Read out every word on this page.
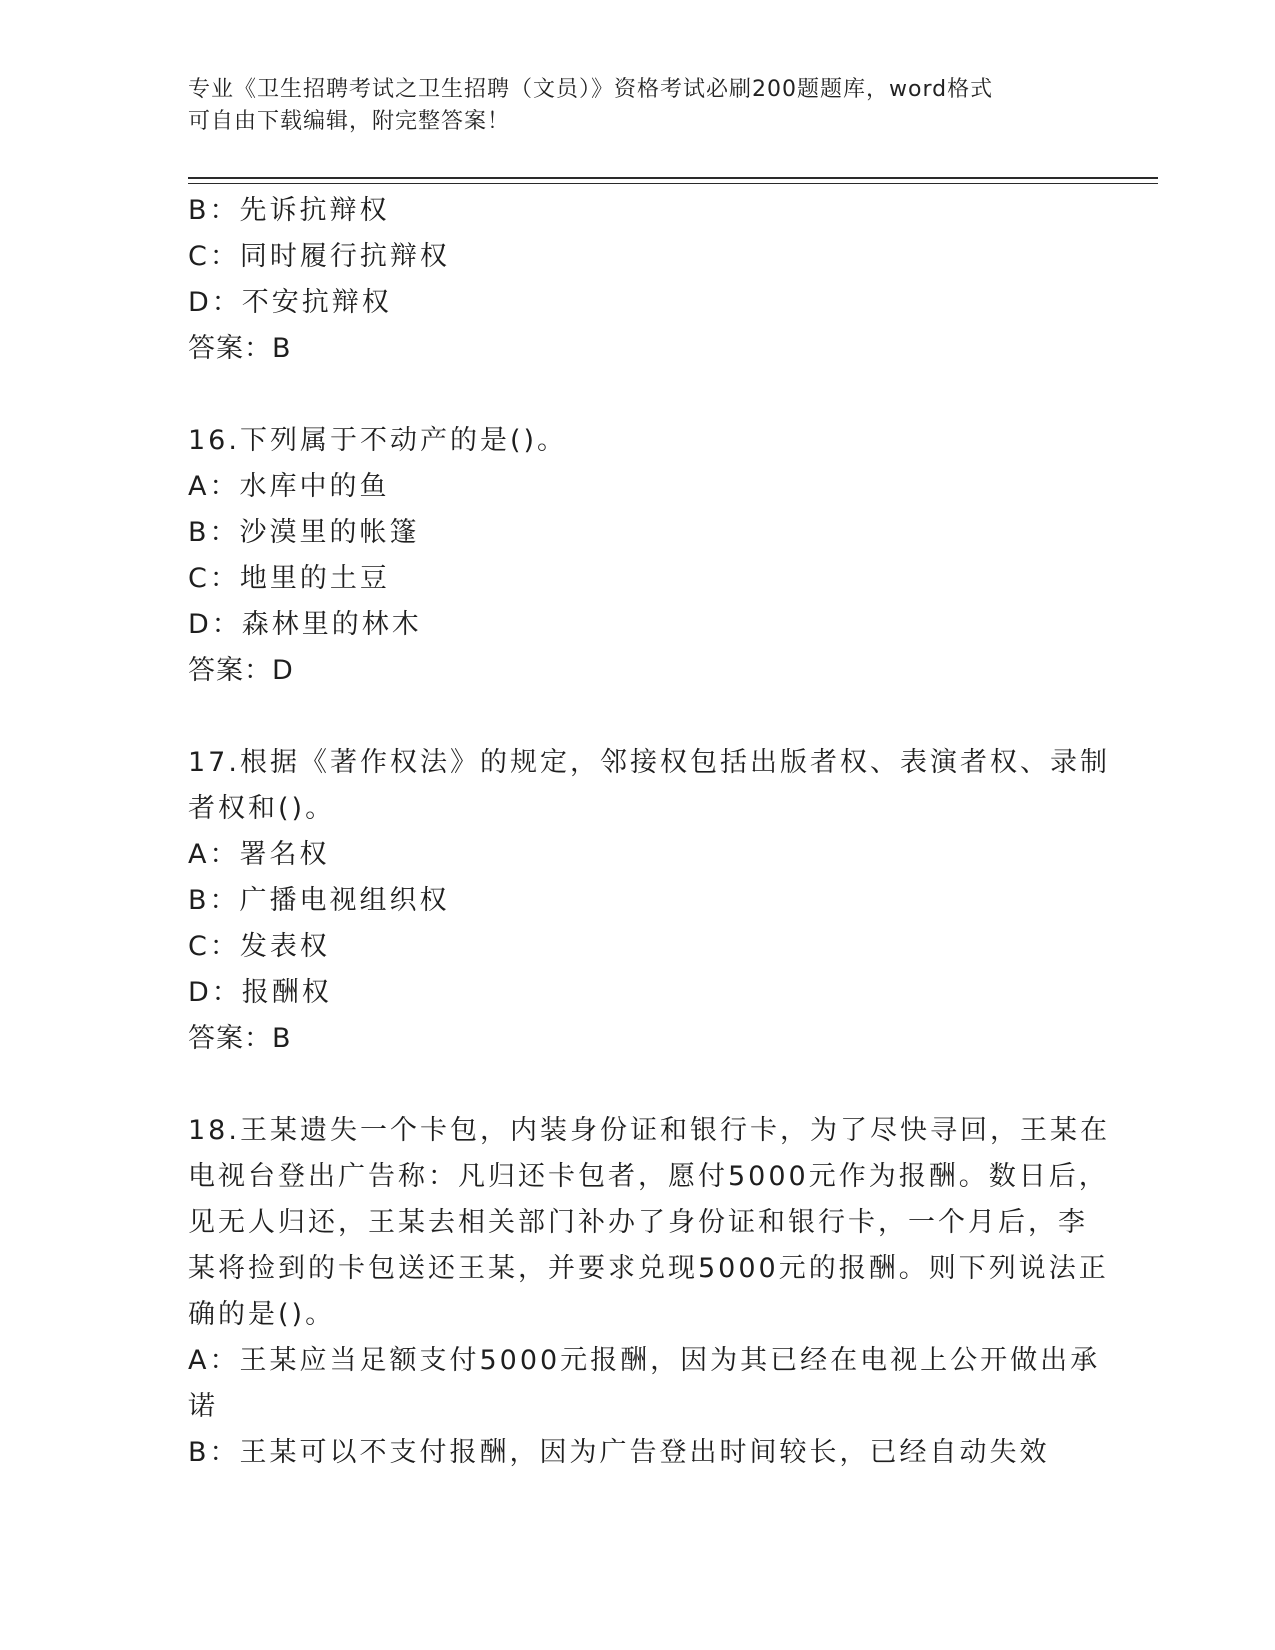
专业《卫生招聘考试之卫生招聘（文员）》资格考试必刷200题题库，word格式
可自由下载编辑，附完整答案！
B：先诉抗辩权
C：同时履行抗辩权
D：不安抗辩权
答案：B
16.下列属于不动产的是()。
A：水库中的鱼
B：沙漠里的帐篷
C：地里的土豆
D：森林里的林木
答案：D
17.根据《著作权法》的规定，邻接权包括出版者权、表演者权、录制
者权和()。
A：署名权
B：广播电视组织权
C：发表权
D：报酬权
答案：B
18.王某遗失一个卡包，内装身份证和银行卡，为了尽快寻回，王某在
电视台登出广告称：凡归还卡包者，愿付5000元作为报酬。数日后，
见无人归还，王某去相关部门补办了身份证和银行卡，一个月后，李
某将捡到的卡包送还王某，并要求兑现5000元的报酬。则下列说法正
确的是()。
A：王某应当足额支付5000元报酬，因为其已经在电视上公开做出承
诺
B：王某可以不支付报酬，因为广告登出时间较长，已经自动失效
